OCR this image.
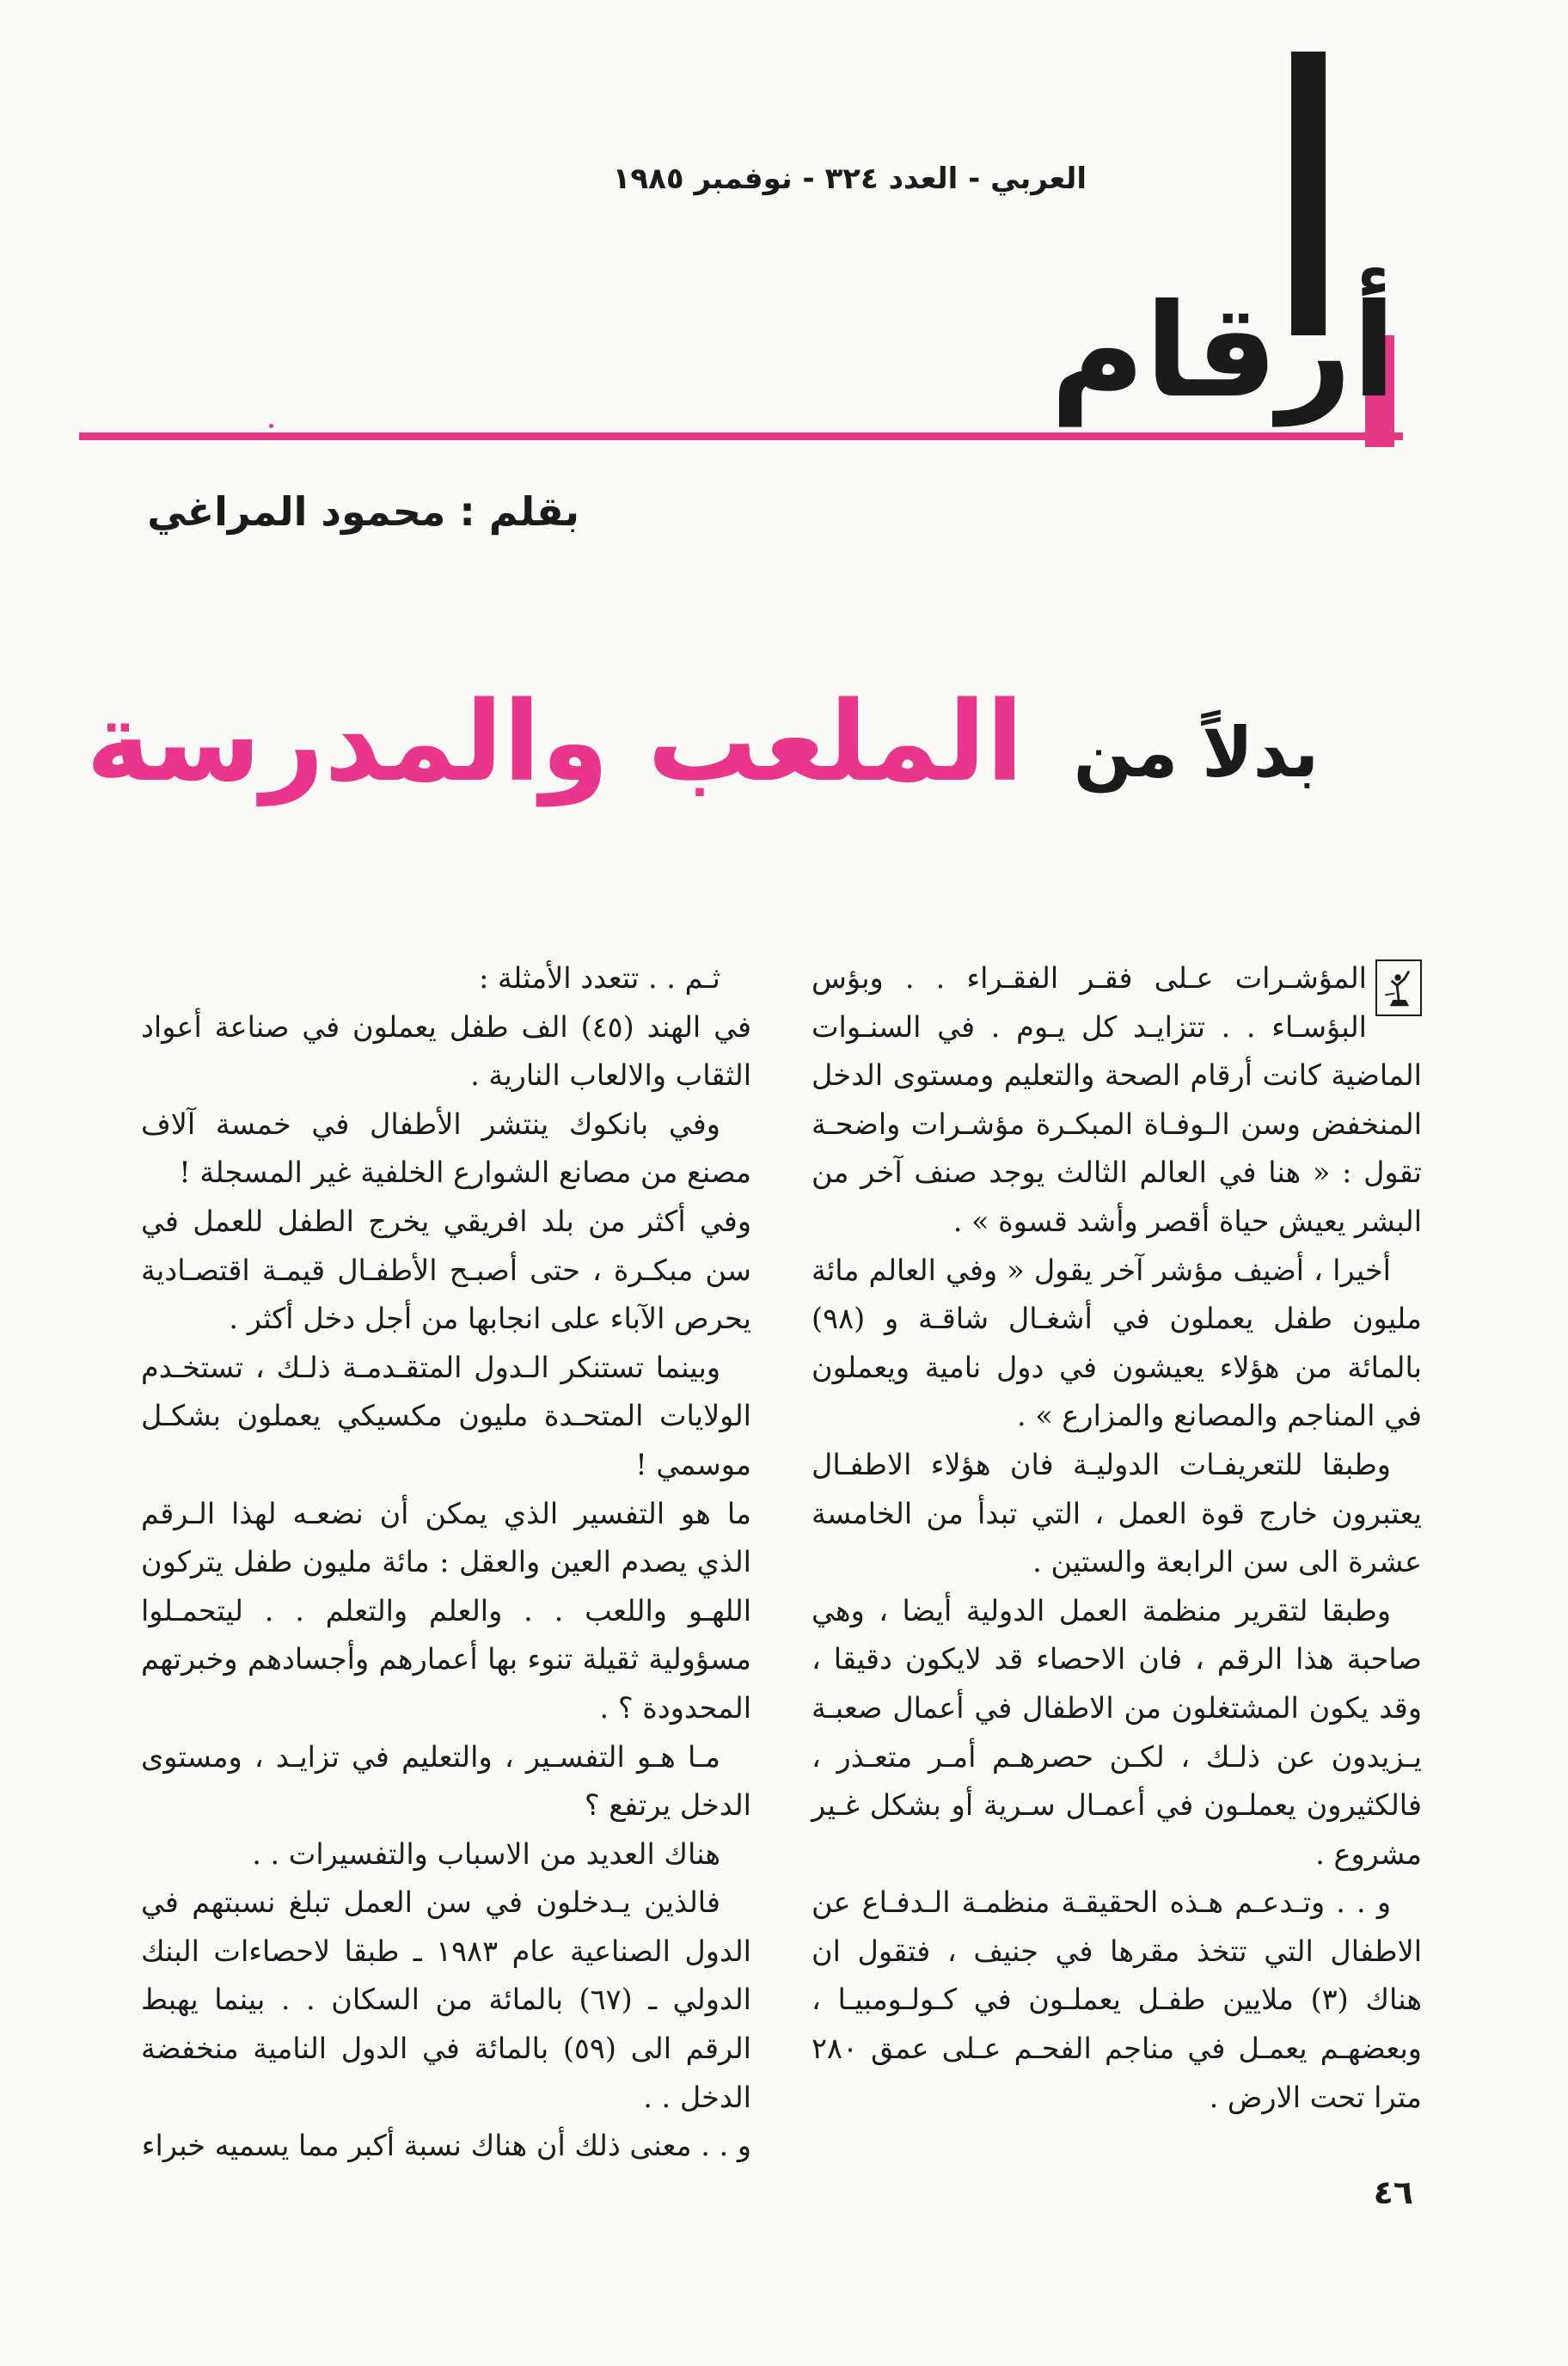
أرقام
العربي - العدد ٣٢٤ - نوفمبر ١٩٨٥
بقلم : محمود المراغي
بدلاً من
الملعب والمدرسة

المؤشـرات عـلى فقـر الفقـراء . . وبؤس البؤسـاء . . تتزايـد كل يـوم . في السنـوات الماضية كانت أرقام الصحة والتعليم ومستوى الدخل المنخفض وسن الـوفـاة المبكـرة مؤشـرات واضحـة تقول : « هنا في العالم الثالث يوجد صنف آخر من البشر يعيش حياة أقصر وأشد قسوة » .

أخيرا ، أضيف مؤشر آخر يقول « وفي العالم مائة مليون طفل يعملون في أشغـال شاقـة و (٩٨) بالمائة من هؤلاء يعيشون في دول نامية ويعملون في المناجم والمصانع والمزارع » .

وطبقا للتعريفـات الدوليـة فان هؤلاء الاطفـال يعتبرون خارج قوة العمل ، التي تبدأ من الخامسة عشرة الى سن الرابعة والستين .

وطبقا لتقرير منظمة العمل الدولية أيضا ، وهي صاحبة هذا الرقم ، فان الاحصاء قد لايكون دقيقا ، وقد يكون المشتغلون من الاطفال في أعمال صعبـة يـزيدون عن ذلـك ، لكـن حصرهـم أمـر متعـذر ، فالكثيرون يعملـون في أعمـال سـرية أو بشكل غـير مشروع .

و . . وتـدعـم هـذه الحقيقـة منظمـة الـدفـاع عن الاطفال التي تتخذ مقرها في جنيف ، فتقول ان هناك (٣) ملايين طفـل يعملـون في كـولـومبيـا ، وبعضهـم يعمـل في مناجم الفحـم عـلى عمق ٢٨٠ مترا تحت الارض .

ثـم . . تتعدد الأمثلة :

في الهند (٤٥) الف طفل يعملون في صناعة أعواد الثقاب والالعاب النارية .

وفي بانكوك ينتشر الأطفال في خمسة آلاف مصنع من مصانع الشوارع الخلفية غير المسجلة !

وفي أكثر من بلد افريقي يخرج الطفل للعمل في سن مبكـرة ، حتى أصبـح الأطفـال قيمـة اقتصـادية يحرص الآباء على انجابها من أجل دخل أكثر .

وبينما تستنكر الـدول المتقـدمـة ذلـك ، تستخـدم الولايات المتحـدة مليون مكسيكي يعملون بشكـل موسمي !

ما هو التفسير الذي يمكن أن نضعـه لهذا الـرقم الذي يصدم العين والعقل : مائة مليون طفل يتركون اللهـو واللعب . . والعلم والتعلم . . ليتحمـلوا مسؤولية ثقيلة تنوء بها أعمارهم وأجسادهم وخبرتهم المحدودة ؟ .

مـا هـو التفسـير ، والتعليم في تزايـد ، ومستوى الدخل يرتفع ؟

هناك العديد من الاسباب والتفسيرات . .

فالذين يـدخلون في سن العمل تبلغ نسبتهم في الدول الصناعية عام ١٩٨٣ ـ طبقا لاحصاءات البنك الدولي ـ (٦٧) بالمائة من السكان . . بينما يهبط الرقم الى (٥٩) بالمائة في الدول النامية منخفضة الدخل . .

و . . معنى ذلك أن هناك نسبة أكبر مما يسميه خبراء

٤٦
